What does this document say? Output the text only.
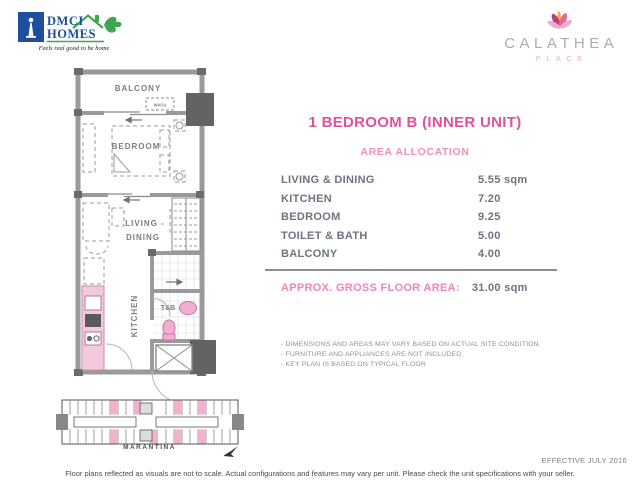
DMCI
HOMES
Feels real good to be home	CALATHEA
PLACE
WACU
BALCONY
BEDROOM
LIVING -
DINING
KITCHEN	T&B
MARANTINA
1 BEDROOM B (INNER UNIT)
AREA ALLOCATION
LIVING & DINING	5.55 sqm
KITCHEN	7.20
BEDROOM	9.25
TOILET & BATH	5.00
BALCONY	4.00
APPROX. GROSS FLOOR AREA: 31.00 sqm
- DIMENSIONS AND AREAS MAY VARY BASED ON ACTUAL SITE CONDITION.
- FURNITURE AND APPLIANCES ARE NOT INCLUDED.
- KEY PLAN IS BASED ON TYPICAL FLOOR
EFFECTIVE JULY 2016
Floor plans reflected as visuals are not to scale. Actual configurations and features may vary per unit. Please check the unit specifications with your seller.
